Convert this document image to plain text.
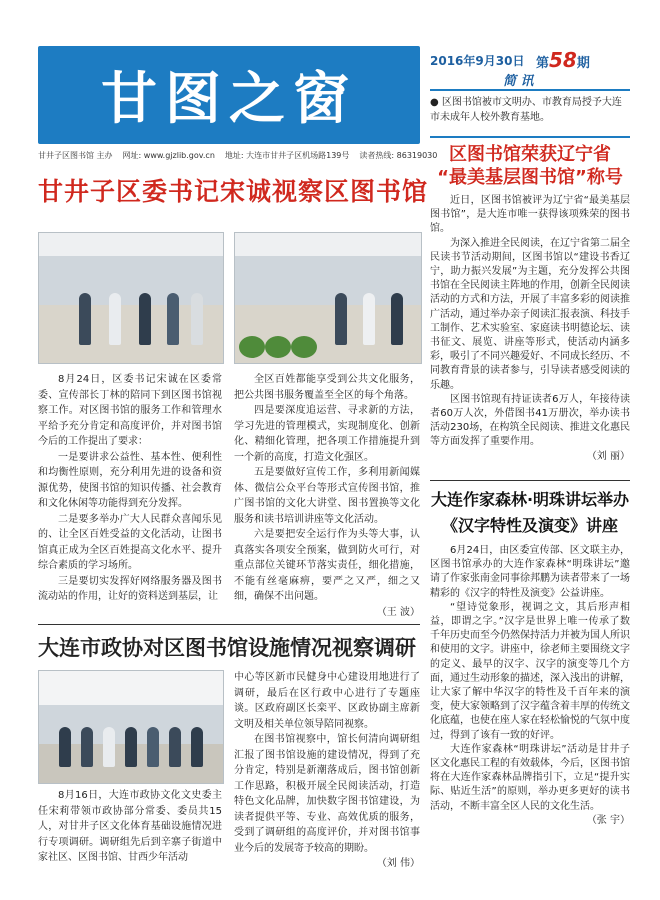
甘图之窗
甘井子区图书馆 主办 网址: www.gjzlib.gov.cn 地址: 大连市甘井子区机场路139号 读者热线: 86319030
2016年9月30日 第58期
简 讯
● 区图书馆被市文明办、市教育局授予大连市未成年人校外教育基地。
甘井子区委书记宋诚视察区图书馆

8月24日，区委书记宋诚在区委常委、宣传部长丁林的陪同下到区图书馆视察工作。对区图书馆的服务工作和管理水平给予充分肯定和高度评价，并对图书馆今后的工作提出了要求：

一是要讲求公益性、基本性、便利性和均衡性原则，充分利用先进的设备和资源优势，使图书馆的知识传播、社会教育和文化休闲等功能得到充分发挥。

二是要多举办广大人民群众喜闻乐见的、让全区百姓受益的文化活动，让图书馆真正成为全区百姓提高文化水平、提升综合素质的学习场所。

三是要切实发挥好网络服务器及图书流动站的作用，让好的资料送到基层，让

全区百姓都能享受到公共文化服务，把公共图书服务覆盖至全区的每个角落。

四是要深度追运营、寻求新的方法，学习先进的管理模式，实现制度化、创新化、精细化管理，把各项工作措施提升到一个新的高度，打造文化强区。

五是要做好宣传工作，多利用新闻媒体、微信公众平台等形式宣传图书馆，推广图书馆的文化大讲堂、图书置换等文化服务和读书培训讲座等文化活动。

六是要把安全运行作为头等大事，认真落实各项安全预案，做到防火可行，对重点部位关键环节落实责任，细化措施，不能有丝毫麻痹，要严之又严，细之又细，确保不出问题。

（王 波）
大连市政协对区图书馆设施情况视察调研

8月16日，大连市政协文化文史委主任宋莉带领市政协部分常委、委员共15人，对甘井子区文化体育基础设施情况进行专项调研。调研组先后到辛寨子街道中家社区、区图书馆、甘西少年活动

中心等区新市民健身中心建设用地进行了调研，最后在区行政中心进行了专题座谈。区政府副区长栾平、区政协副主席新文明及相关单位领导陪同视察。

在图书馆视察中，馆长何清向调研组汇报了图书馆设施的建设情况，得到了充分肯定，特别是新潮落成后，图书馆创新工作思路，积极开展全民阅读活动，打造特色文化品牌，加快数字图书馆建设，为读者提供平等、专业、高效优质的服务，受到了调研组的高度评价，并对图书馆事业今后的发展寄予较高的期盼。

（刘 伟）
区图书馆荣获辽宁省
“最美基层图书馆”称号

近日，区图书馆被评为辽宁省“最美基层图书馆”，是大连市唯一获得该项殊荣的图书馆。

为深入推进全民阅读，在辽宁省第二届全民读书节活动期间，区图书馆以“建设书香辽宁，助力振兴发展”为主题，充分发挥公共图书馆在全民阅读主阵地的作用，创新全民阅读活动的方式和方法，开展了丰富多彩的阅读推广活动，通过举办亲子阅读汇报表演、科技手工制作、艺术实验室、家庭读书明德论坛、读书征文、展览、讲座等形式，使活动内涵多彩，吸引了不同兴趣爱好、不同成长经历、不同教育背景的读者参与，引导读者感受阅读的乐趣。

区图书馆现有持证读者6万人，年接待读者60万人次，外借图书41万册次，举办读书活动230场，在构筑全民阅读、推进文化惠民等方面发挥了重要作用。

（刘 丽）
大连作家森林·明珠讲坛举办
《汉字特性及演变》讲座

6月24日，由区委宣传部、区文联主办，区图书馆承办的大连作家森林“明珠讲坛”邀请了作家张南金同事徐邦鹏为读者带来了一场精彩的《汉字的特性及演变》公益讲座。

“望诗觉象形，视调之文，其后形声相益，即谓之字。”汉字是世界上唯一传承了数千年历史而至今仍然保持活力并被为国人所识和使用的文字。讲座中，徐老师主要围绕文字的定义、最早的汉字、汉字的演变等几个方面，通过生动形象的描述，深入浅出的讲解，让大家了解中华汉字的特性及千百年来的演变，使大家领略到了汉字蕴含着丰厚的传统文化底蕴，也使在座人家在轻松愉悦的气氛中度过，得到了该有一致的好评。

大连作家森林“明珠讲坛”活动是甘井子区文化惠民工程的有效载体，今后，区图书馆将在大连作家森林品牌指引下，立足“提升实际、贴近生活”的原则，举办更多更好的读书活动，不断丰富全区人民的文化生活。

（张 宇）
